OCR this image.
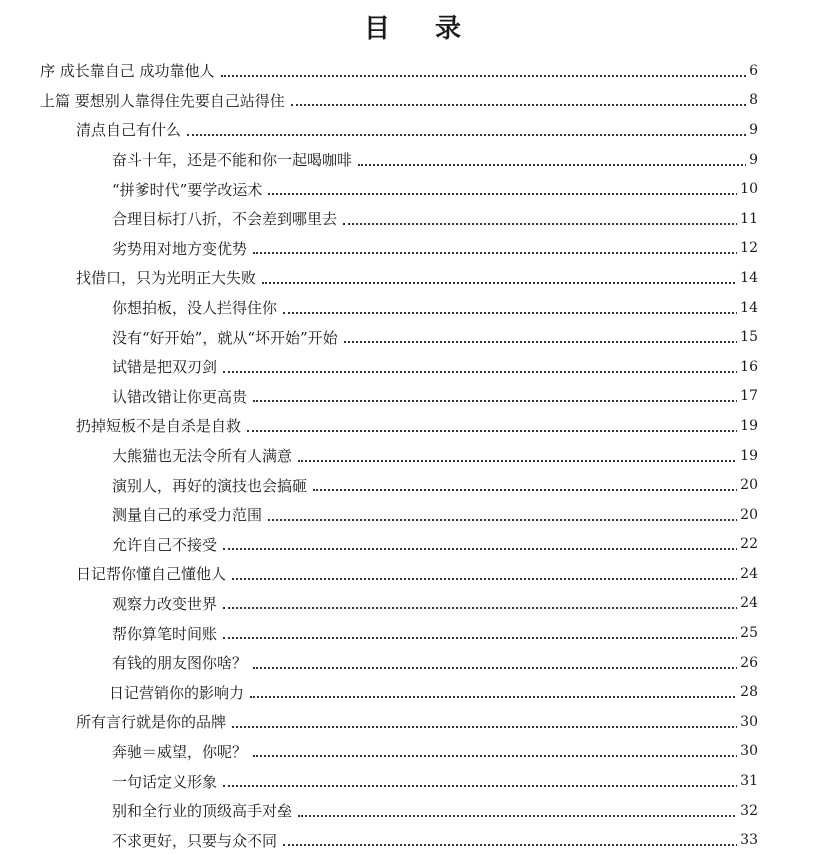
目 录
序 成长靠自己 成功靠他人	6
上篇 要想别人靠得住先要自己站得住	8
清点自己有什么	9
奋斗十年，还是不能和你一起喝咖啡	9
“拼爹时代”要学改运术	10
合理目标打八折，不会差到哪里去	11
劣势用对地方变优势	12
找借口，只为光明正大失败	14
你想拍板，没人拦得住你	14
没有“好开始”，就从“坏开始”开始	15
试错是把双刃剑	16
认错改错让你更高贵	17
扔掉短板不是自杀是自救	19
大熊猫也无法令所有人满意	19
演别人，再好的演技也会搞砸	20
测量自己的承受力范围	20
允许自己不接受	22
日记帮你懂自己懂他人	24
观察力改变世界	24
帮你算笔时间账	25
有钱的朋友图你啥？	26
日记营销你的影响力	28
所有言行就是你的品牌	30
奔驰＝威望，你呢？	30
一句话定义形象	31
别和全行业的顶级高手对垒	32
不求更好，只要与众不同	33
